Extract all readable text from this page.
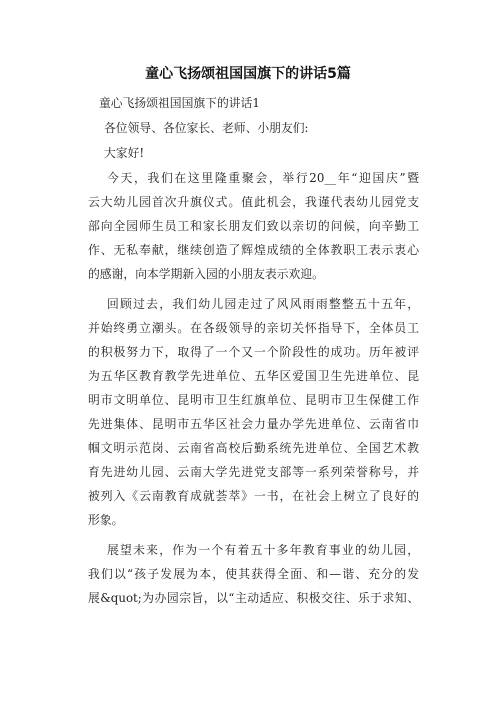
童心飞扬颂祖国国旗下的讲话5篇
童心飞扬颂祖国国旗下的讲话1
各位领导、各位家长、老师、小朋友们:
大家好!
今天，我们在这里隆重聚会，举行20__年“迎国庆”暨
云大幼儿园首次升旗仪式。值此机会，我谨代表幼儿园党支
部向全园师生员工和家长朋友们致以亲切的问候，向辛勤工
作、无私奉献，继续创造了辉煌成绩的全体教职工表示衷心
的感谢，向本学期新入园的小朋友表示欢迎。
回顾过去，我们幼儿园走过了风风雨雨整整五十五年，
并始终勇立潮头。在各级领导的亲切关怀指导下，全体员工
的积极努力下，取得了一个又一个阶段性的成功。历年被评
为五华区教育教学先进单位、五华区爱国卫生先进单位、昆
明市文明单位、昆明市卫生红旗单位、昆明市卫生保健工作
先进集体、昆明市五华区社会力量办学先进单位、云南省巾
帼文明示范岗、云南省高校后勤系统先进单位、全国艺术教
育先进幼儿园、云南大学先进党支部等一系列荣誉称号，并
被列入《云南教育成就荟萃》一书，在社会上树立了良好的
形象。
展望未来，作为一个有着五十多年教育事业的幼儿园，
我们以“孩子发展为本，使其获得全面、和—谐、充分的发
展&quot;为办园宗旨，以“主动适应、积极交往、乐于求知、
